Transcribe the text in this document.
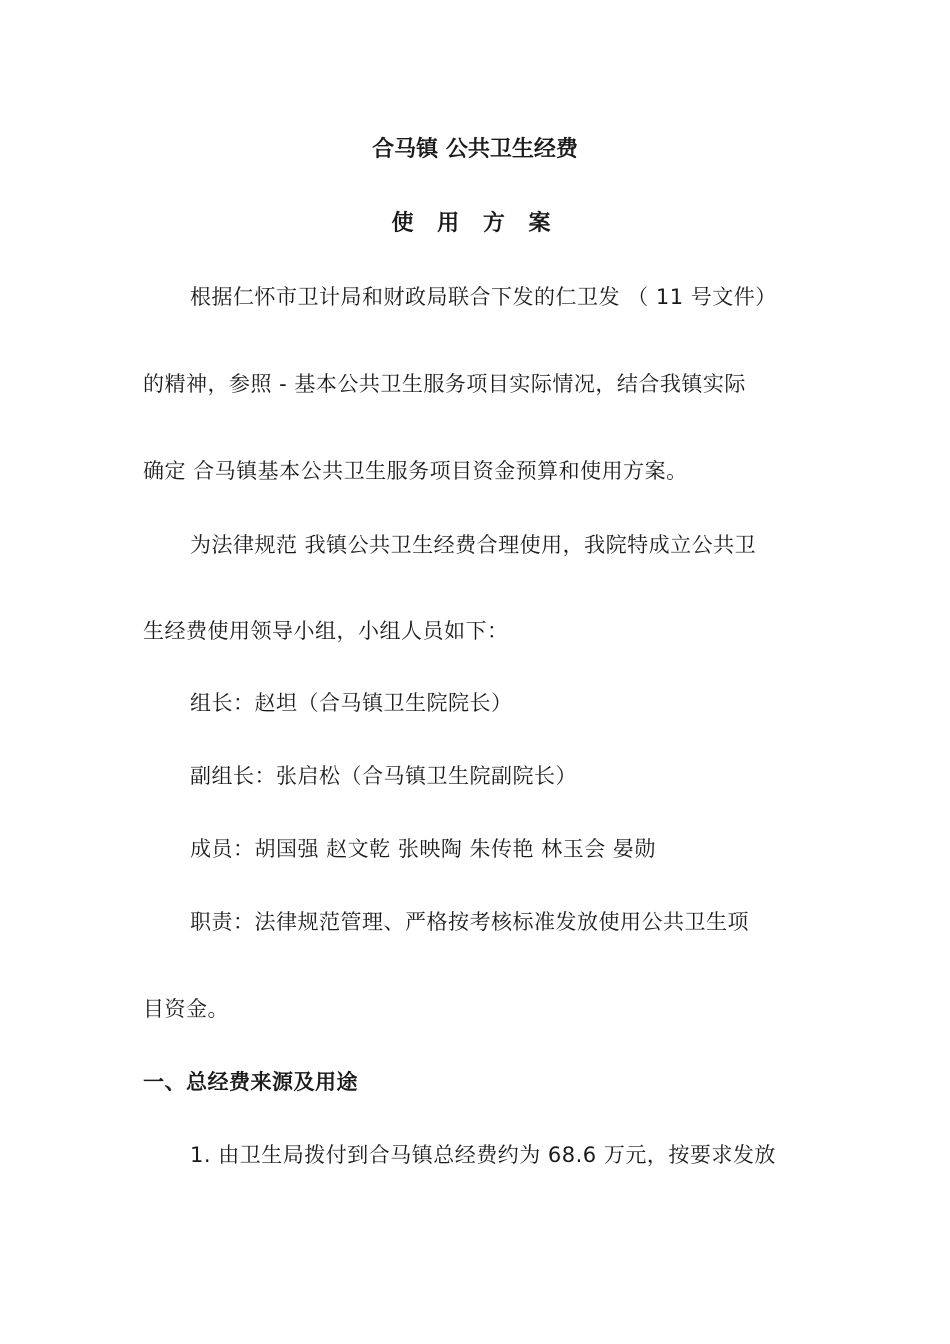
合马镇 公共卫生经费
使 用 方 案
根据仁怀市卫计局和财政局联合下发的仁卫发 （ 11 号文件）
的精神，参照 - 基本公共卫生服务项目实际情况，结合我镇实际
确定 合马镇基本公共卫生服务项目资金预算和使用方案。
为法律规范 我镇公共卫生经费合理使用，我院特成立公共卫
生经费使用领导小组，小组人员如下：
组长：赵坦（合马镇卫生院院长）
副组长：张启松（合马镇卫生院副院长）
成员：胡国强 赵文乾 张映陶 朱传艳 林玉会 晏勋
职责：法律规范管理、严格按考核标准发放使用公共卫生项
目资金。
一、总经费来源及用途
1. 由卫生局拨付到合马镇总经费约为 68.6 万元，按要求发放
